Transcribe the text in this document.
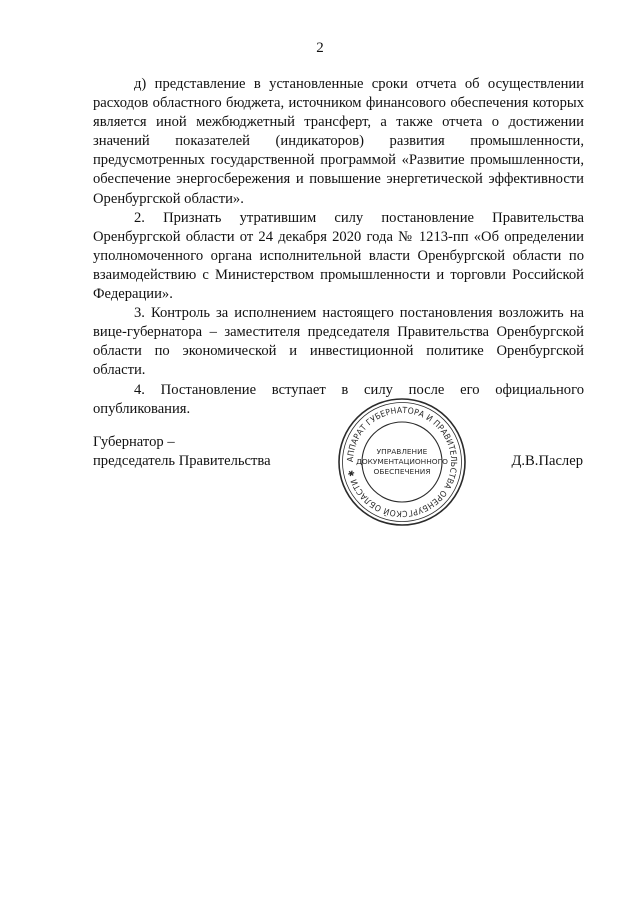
2

д) представление в установленные сроки отчета об осуществлении расходов областного бюджета, источником финансового обеспечения которых является иной межбюджетный трансферт, а также отчета о достижении значений показателей (индикаторов) развития промышленности, предусмотренных государственной программой «Развитие промышленности, обеспечение энергосбережения и повышение энергетической эффективности Оренбургской области».

2. Признать утратившим силу постановление Правительства Оренбургской области от 24 декабря 2020 года № 1213-пп «Об определении уполномоченного органа исполнительной власти Оренбургской области по взаимодействию с Министерством промышленности и торговли Российской Федерации».

3. Контроль за исполнением настоящего постановления возложить на вице-губернатора – заместителя председателя Правительства Оренбургской области по экономической и инвестиционной политике Оренбургской области.

4. Постановление вступает в силу после его официального опубликования.

Губернатор –
председатель Правительства	АППАРАТ ГУБЕРНАТОРА И ПРАВИТЕЛЬСТВА ОРЕНБУРГСКОЙ ОБЛАСТИ ✱
УПРАВЛЕНИЕ
ДОКУМЕНТАЦИОННОГО
ОБЕСПЕЧЕНИЯ
Д.В.Паслер
